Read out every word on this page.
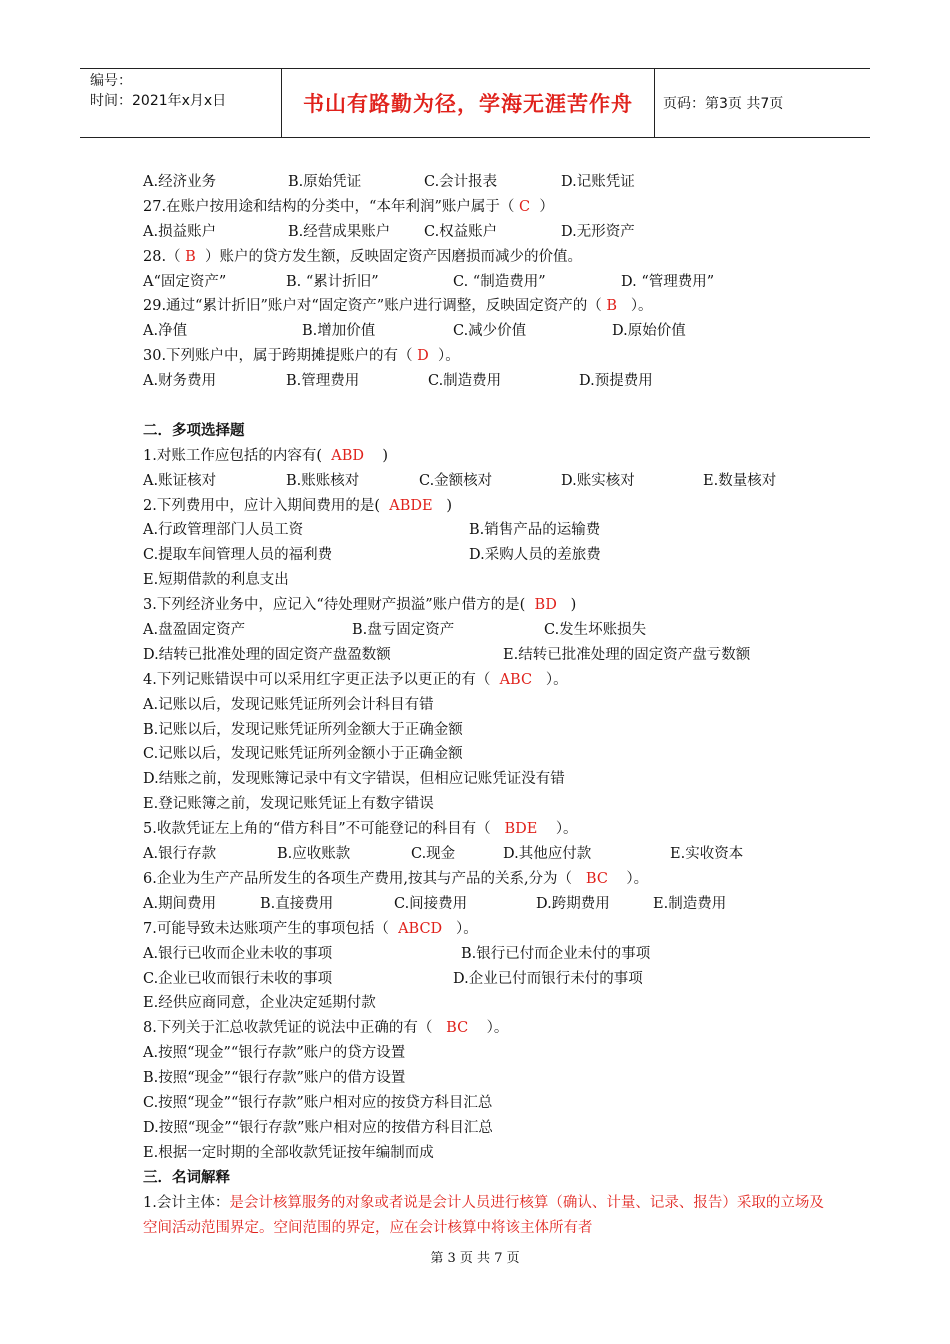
编号：
时间：2021年x月x日	书山有路勤为径，学海无涯苦作舟	页码：第3页 共7页
A.经济业务	B.原始凭证	C.会计报表	D.记账凭证
27.在账户按用途和结构的分类中，“本年利润”账户属于（ C ）
A.损益账户	B.经营成果账户 C.权益账户	D.无形资产
28.（ B ）账户的贷方发生额，反映固定资产因磨损而减少的价值。
A“固定资产”	B. “累计折旧”	C. “制造费用”	D. “管理费用”
29.通过“累计折旧”账户对“固定资产”账户进行调整，反映固定资产的（ B ）。
A.净值	B.增加价值	C.减少价值	D.原始价值
30.下列账户中，属于跨期摊提账户的有（ D ）。
A.财务费用	B.管理费用	C.制造费用	D.预提费用
二．多项选择题
1.对账工作应包括的内容有( ABD )
A.账证核对	B.账账核对	C.金额核对	D.账实核对	E.数量核对
2.下列费用中，应计入期间费用的是( ABDE )
A.行政管理部门人员工资	B.销售产品的运输费
C.提取车间管理人员的福利费	D.采购人员的差旅费
E.短期借款的利息支出
3.下列经济业务中，应记入“待处理财产损溢”账户借方的是( BD )
A.盘盈固定资产	B.盘亏固定资产	C.发生坏账损失
D.结转已批准处理的固定资产盘盈数额	E.结转已批准处理的固定资产盘亏数额
4.下列记账错误中可以采用红字更正法予以更正的有（ ABC ）。
A.记账以后，发现记账凭证所列会计科目有错
B.记账以后，发现记账凭证所列金额大于正确金额
C.记账以后，发现记账凭证所列金额小于正确金额
D.结账之前，发现账簿记录中有文字错误，但相应记账凭证没有错
E.登记账簿之前，发现记账凭证上有数字错误
5.收款凭证左上角的“借方科目”不可能登记的科目有（ BDE ）。
A.银行存款	B.应收账款	C.现金	D.其他应付款	E.实收资本
6.企业为生产产品所发生的各项生产费用,按其与产品的关系,分为（ BC ）。
A.期间费用	B.直接费用	C.间接费用	D.跨期费用	E.制造费用
7.可能导致未达账项产生的事项包括（ ABCD ）。
A.银行已收而企业未收的事项	B.银行已付而企业未付的事项
C.企业已收而银行未收的事项	D.企业已付而银行未付的事项
E.经供应商同意，企业决定延期付款
8.下列关于汇总收款凭证的说法中正确的有（ BC ）。
A.按照“现金”“银行存款”账户的贷方设置
B.按照“现金”“银行存款”账户的借方设置
C.按照“现金”“银行存款”账户相对应的按贷方科目汇总
D.按照“现金”“银行存款”账户相对应的按借方科目汇总
E.根据一定时期的全部收款凭证按年编制而成
三．名词解释
1.会计主体：是会计核算服务的对象或者说是会计人员进行核算（确认、计量、记录、报告）采取的立场及空间活动范围界定。空间范围的界定，应在会计核算中将该主体所有者
第 3 页 共 7 页
